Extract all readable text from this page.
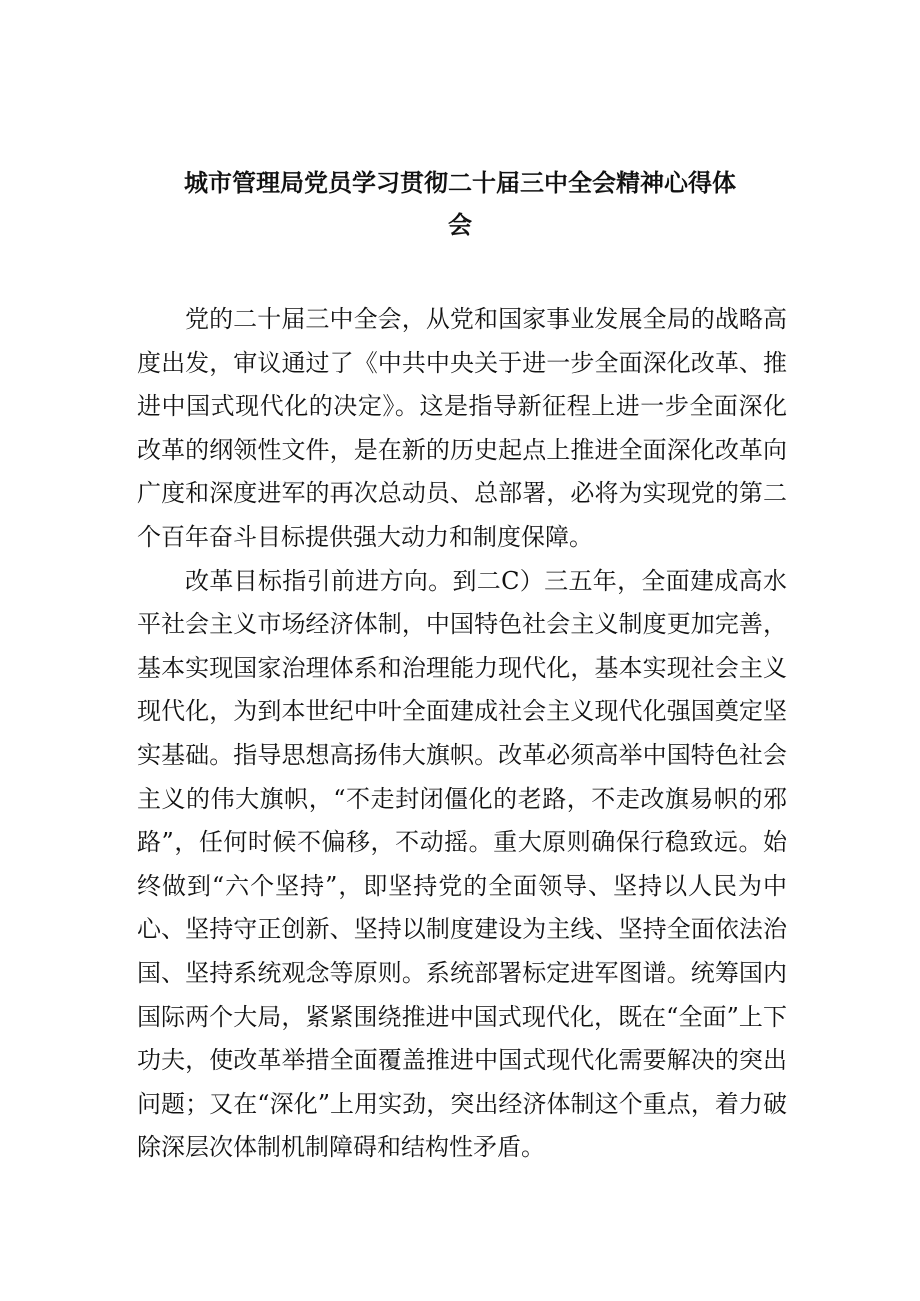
城市管理局党员学习贯彻二十届三中全会精神心得体
会

党的二十届三中全会，从党和国家事业发展全局的战略高度出发，审议通过了《中共中央关于进一步全面深化改革、推进中国式现代化的决定》。这是指导新征程上进一步全面深化改革的纲领性文件，是在新的历史起点上推进全面深化改革向广度和深度进军的再次总动员、总部署，必将为实现党的第二个百年奋斗目标提供强大动力和制度保障。

改革目标指引前进方向。到二C）三五年，全面建成高水平社会主义市场经济体制，中国特色社会主义制度更加完善，基本实现国家治理体系和治理能力现代化，基本实现社会主义现代化，为到本世纪中叶全面建成社会主义现代化强国奠定坚实基础。指导思想高扬伟大旗帜。改革必须高举中国特色社会主义的伟大旗帜，“不走封闭僵化的老路，不走改旗易帜的邪路”，任何时候不偏移，不动摇。重大原则确保行稳致远。始终做到“六个坚持”，即坚持党的全面领导、坚持以人民为中心、坚持守正创新、坚持以制度建设为主线、坚持全面依法治国、坚持系统观念等原则。系统部署标定进军图谱。统筹国内国际两个大局，紧紧围绕推进中国式现代化，既在“全面”上下功夫，使改革举措全面覆盖推进中国式现代化需要解决的突出问题；又在“深化”上用实劲，突出经济体制这个重点，着力破除深层次体制机制障碍和结构性矛盾。
